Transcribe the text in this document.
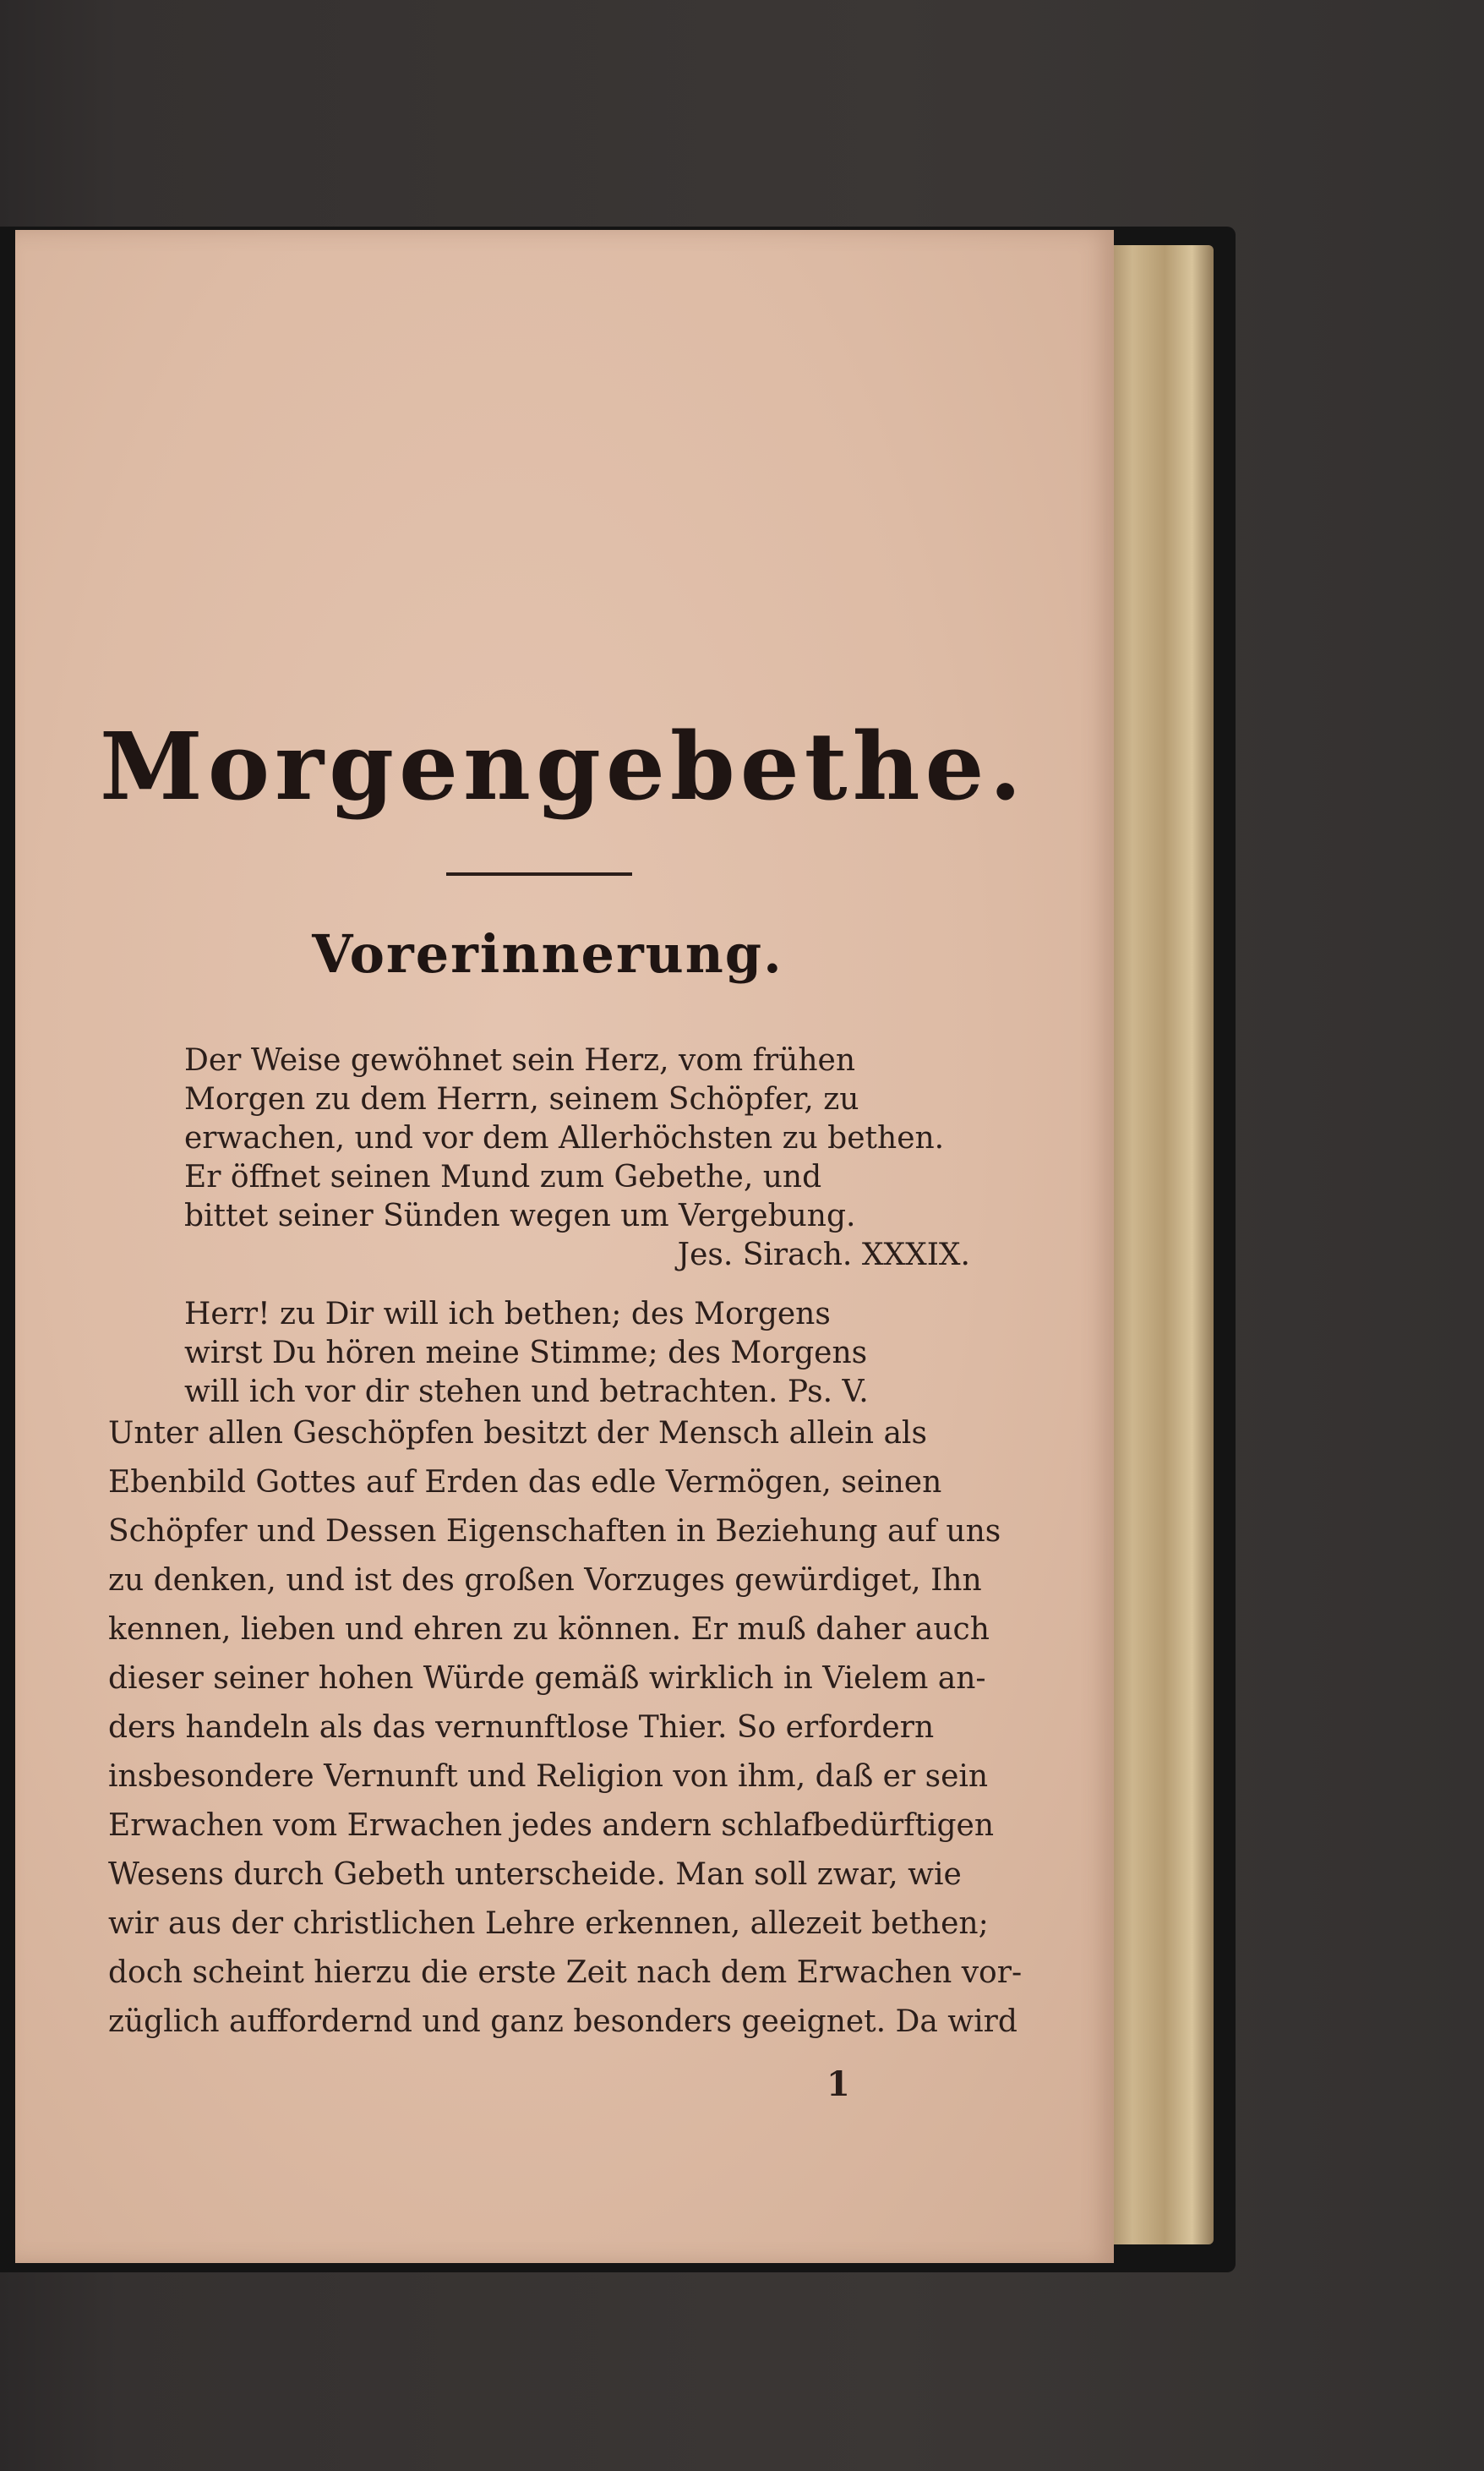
Morgengebethe.
Vorerinnerung.
Der Weise gewöhnet sein Herz, vom frühen
Morgen zu dem Herrn, seinem Schöpfer, zu
erwachen, und vor dem Allerhöchsten zu bethen.
Er öffnet seinen Mund zum Gebethe, und
bittet seiner Sünden wegen um Vergebung.
Jes. Sirach. XXXIX.
Herr! zu Dir will ich bethen; des Morgens
wirst Du hören meine Stimme; des Morgens
will ich vor dir stehen und betrachten. Ps. V.
Unter allen Geschöpfen besitzt der Mensch allein als
Ebenbild Gottes auf Erden das edle Vermögen, seinen
Schöpfer und Dessen Eigenschaften in Beziehung auf uns
zu denken, und ist des großen Vorzuges gewürdiget, Ihn
kennen, lieben und ehren zu können. Er muß daher auch
dieser seiner hohen Würde gemäß wirklich in Vielem an-
ders handeln als das vernunftlose Thier. So erfordern
insbesondere Vernunft und Religion von ihm, daß er sein
Erwachen vom Erwachen jedes andern schlafbedürftigen
Wesens durch Gebeth unterscheide. Man soll zwar, wie
wir aus der christlichen Lehre erkennen, allezeit bethen;
doch scheint hierzu die erste Zeit nach dem Erwachen vor-
züglich auffordernd und ganz besonders geeignet. Da wird
1
